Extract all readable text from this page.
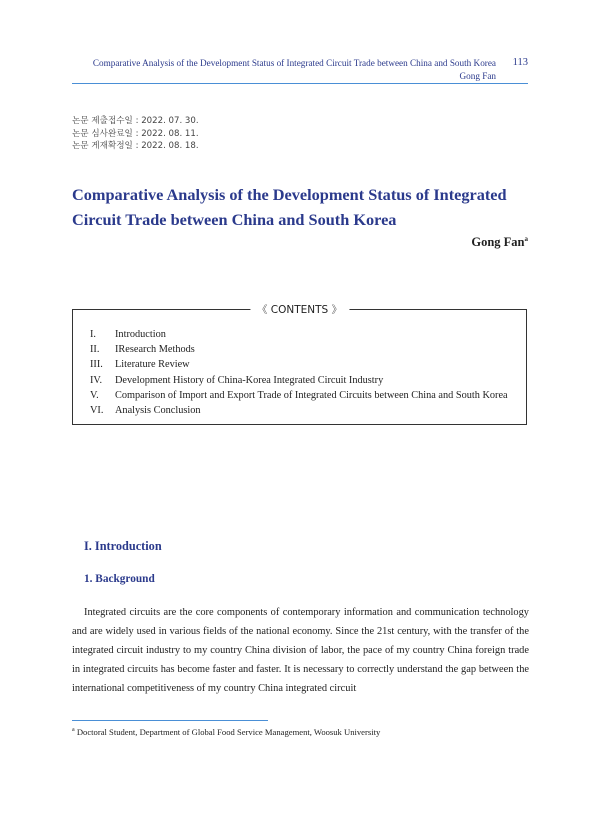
Comparative Analysis of the Development Status of Integrated Circuit Trade between China and South Korea
Gong Fan
113
논문 제출접수일 : 2022. 07. 30.
논문 심사완료일 : 2022. 08. 11.
논문 게재확정일 : 2022. 08. 18.
Comparative Analysis of the Development Status of Integrated Circuit Trade between China and South Korea
Gong Fan$^a$
《 CONTENTS 》
I.	Introduction
II.	IResearch Methods
III.	Literature Review
IV.	Development History of China-Korea Integrated Circuit Industry
V.	Comparison of Import and Export Trade of Integrated Circuits between China and South Korea
VI.	Analysis Conclusion
I. Introduction
1. Background

Integrated circuits are the core components of contemporary information and communication technology and are widely used in various fields of the national economy. Since the 21st century, with the transfer of the integrated circuit industry to my country China division of labor, the pace of my country China foreign trade in integrated circuits has become faster and faster. It is necessary to correctly understand the gap between the international competitiveness of my country China integrated circuit

$^a$ Doctoral Student, Department of Global Food Service Management, Woosuk University
